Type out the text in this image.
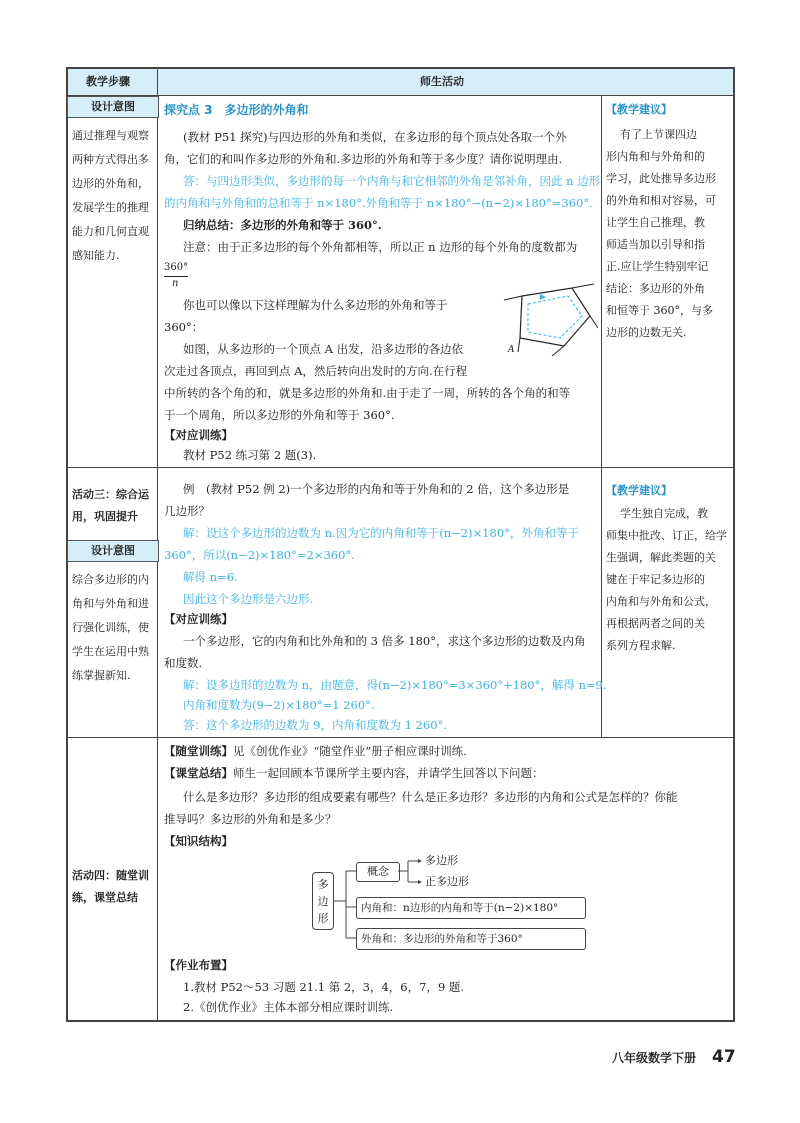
教学步骤	师生活动
设计意图
通过推理与观察
两种方式得出多
边形的外角和，
发展学生的推理
能力和几何直观
感知能力.
探究点 3　多边形的外角和
(教材 P51 探究)与四边形的外角和类似，在多边形的每个顶点处各取一个外
角，它们的和叫作多边形的外角和.多边形的外角和等于多少度？请你说明理由.
答：与四边形类似，多边形的每一个内角与和它相邻的外角是邻补角，因此 n 边形
的内角和与外角和的总和等于 n×180°.外角和等于 n×180°−(n−2)×180°=360°.
归纳总结：多边形的外角和等于 360°.
注意：由于正多边形的每个外角都相等，所以正 n 边形的每个外角的度数都为
360°
n
你也可以像以下这样理解为什么多边形的外角和等于
360°：
如图，从多边形的一个顶点 A 出发，沿多边形的各边依
次走过各顶点，再回到点 A，然后转向出发时的方向.在行程
中所转的各个角的和，就是多边形的外角和.由于走了一周，所转的各个角的和等
于一个周角，所以多边形的外角和等于 360°.
【对应训练】
教材 P52 练习第 2 题(3).
A
【教学建议】
有了上节课四边
形内角和与外角和的
学习，此处推导多边形
的外角和相对容易，可
让学生自己推理，教
师适当加以引导和指
正.应让学生特别牢记
结论：多边形的外角
和恒等于 360°，与多
边形的边数无关.
活动三：综合运
用，巩固提升
设计意图
综合多边形的内
角和与外角和进
行强化训练，使
学生在运用中熟
练掌握新知.
例　(教材 P52 例 2)一个多边形的内角和等于外角和的 2 倍，这个多边形是
几边形？
解：设这个多边形的边数为 n.因为它的内角和等于(n−2)×180°，外角和等于
360°，所以(n−2)×180°=2×360°.
解得 n=6.
因此这个多边形是六边形.
【对应训练】
一个多边形，它的内角和比外角和的 3 倍多 180°，求这个多边形的边数及内角
和度数.
解：设多边形的边数为 n，由题意，得(n−2)×180°=3×360°+180°，解得 n=9.
内角和度数为(9−2)×180°=1 260°.
答：这个多边形的边数为 9，内角和度数为 1 260°.
【教学建议】
学生独自完成，教
师集中批改、订正，给学
生强调，解此类题的关
键在于牢记多边形的
内角和与外角和公式，
再根据两者之间的关
系列方程求解.
活动四：随堂训
练，课堂总结
【随堂训练】见《创优作业》“随堂作业”册子相应课时训练.
【课堂总结】师生一起回顾本节课所学主要内容，并请学生回答以下问题：
什么是多边形？多边形的组成要素有哪些？什么是正多边形？多边形的内角和公式是怎样的？你能
推导吗？多边形的外角和是多少？
【知识结构】
多
边
形
概念
多边形
正多边形
内角和：n边形的内角和等于(n−2)×180°
外角和：多边形的外角和等于360°
【作业布置】
1.教材 P52～53 习题 21.1 第 2，3，4，6，7，9 题.
2.《创优作业》主体本部分相应课时训练.
八年级数学下册 47
